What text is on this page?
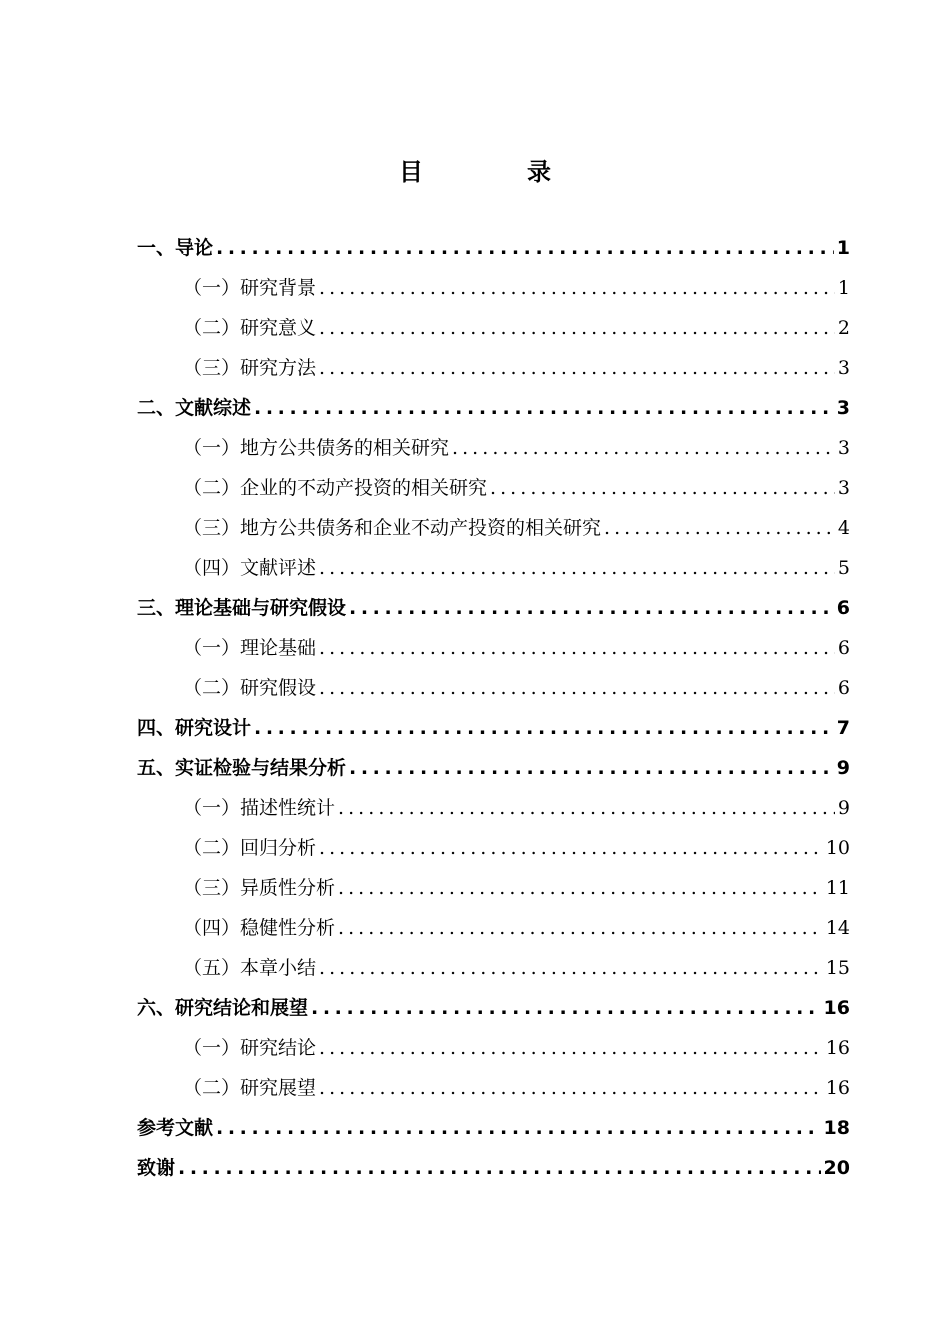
目　录
一、导论 . . .	1
（一）研究背景 . . .	1
（二）研究意义 . . .	2
（三）研究方法 . . .	3
二、文献综述 . . .	3
（一）地方公共债务的相关研究 . . .	3
（二）企业的不动产投资的相关研究 . . .	3
（三）地方公共债务和企业不动产投资的相关研究 . . .	4
（四）文献评述 . . .	5
三、理论基础与研究假设 . . .	6
（一）理论基础 . . .	6
（二）研究假设 . . .	6
四、研究设计 . . .	7
五、实证检验与结果分析 . . .	9
（一）描述性统计 . . .	9
（二）回归分析 . . .	10
（三）异质性分析 . . .	11
（四）稳健性分析 . . .	14
（五）本章小结 . . .	15
六、研究结论和展望 . . .	16
（一）研究结论 . . .	16
（二）研究展望 . . .	16
参考文献 . . .	18
致谢 . . .	20
